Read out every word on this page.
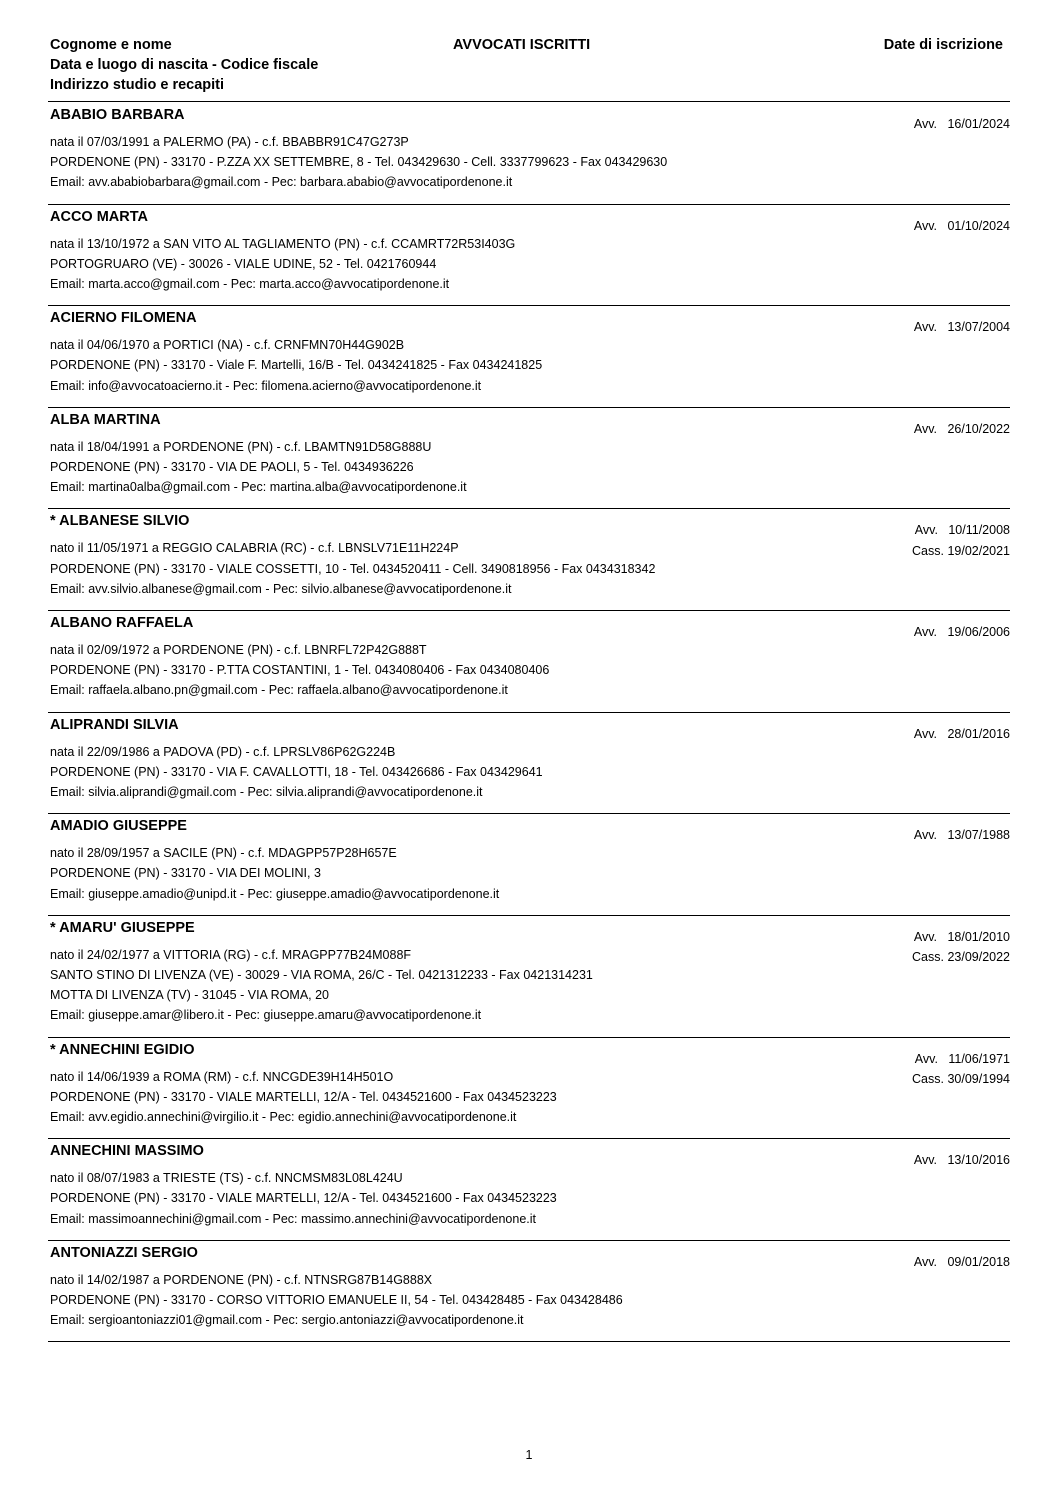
Cognome e nome
Data e luogo di nascita - Codice fiscale
Indirizzo studio e recapiti
AVVOCATI ISCRITTI	Date di iscrizione
ABABIO BARBARA
nata il 07/03/1991 a PALERMO (PA) - c.f. BBABBR91C47G273P
PORDENONE (PN) - 33170 - P.ZZA XX SETTEMBRE, 8 - Tel. 043429630 - Cell. 3337799623 - Fax 043429630
Email: avv.ababiobarbara@gmail.com - Pec: barbara.ababio@avvocatipordenone.it
Avv. 16/01/2024
ACCO MARTA
nata il 13/10/1972 a SAN VITO AL TAGLIAMENTO (PN) - c.f. CCAMRT72R53I403G
PORTOGRUARO (VE) - 30026 - VIALE UDINE, 52 - Tel. 0421760944
Email: marta.acco@gmail.com - Pec: marta.acco@avvocatipordenone.it
Avv. 01/10/2024
ACIERNO FILOMENA
nata il 04/06/1970 a PORTICI (NA) - c.f. CRNFMN70H44G902B
PORDENONE (PN) - 33170 - Viale F. Martelli, 16/B - Tel. 0434241825 - Fax 0434241825
Email: info@avvocatoacierno.it - Pec: filomena.acierno@avvocatipordenone.it
Avv. 13/07/2004
ALBA MARTINA
nata il 18/04/1991 a PORDENONE (PN) - c.f. LBAMTN91D58G888U
PORDENONE (PN) - 33170 - VIA DE PAOLI, 5 - Tel. 0434936226
Email: martina0alba@gmail.com - Pec: martina.alba@avvocatipordenone.it
Avv. 26/10/2022
* ALBANESE SILVIO
nato il 11/05/1971 a REGGIO CALABRIA (RC) - c.f. LBNSLV71E11H224P
PORDENONE (PN) - 33170 - VIALE COSSETTI, 10 - Tel. 0434520411 - Cell. 3490818956 - Fax 0434318342
Email: avv.silvio.albanese@gmail.com - Pec: silvio.albanese@avvocatipordenone.it
Avv. 10/11/2008
Cass. 19/02/2021
ALBANO RAFFAELA
nata il 02/09/1972 a PORDENONE (PN) - c.f. LBNRFL72P42G888T
PORDENONE (PN) - 33170 - P.TTA COSTANTINI, 1 - Tel. 0434080406 - Fax 0434080406
Email: raffaela.albano.pn@gmail.com - Pec: raffaela.albano@avvocatipordenone.it
Avv. 19/06/2006
ALIPRANDI SILVIA
nata il 22/09/1986 a PADOVA (PD) - c.f. LPRSLV86P62G224B
PORDENONE (PN) - 33170 - VIA F. CAVALLOTTI, 18 - Tel. 043426686 - Fax 043429641
Email: silvia.aliprandi@gmail.com - Pec: silvia.aliprandi@avvocatipordenone.it
Avv. 28/01/2016
AMADIO GIUSEPPE
nato il 28/09/1957 a SACILE (PN) - c.f. MDAGPP57P28H657E
PORDENONE (PN) - 33170 - VIA DEI MOLINI, 3
Email: giuseppe.amadio@unipd.it - Pec: giuseppe.amadio@avvocatipordenone.it
Avv. 13/07/1988
* AMARU' GIUSEPPE
nato il 24/02/1977 a VITTORIA (RG) - c.f. MRAGPP77B24M088F
SANTO STINO DI LIVENZA (VE) - 30029 - VIA ROMA, 26/C - Tel. 0421312233 - Fax 0421314231
MOTTA DI LIVENZA (TV) - 31045 - VIA ROMA, 20
Email: giuseppe.amar@libero.it - Pec: giuseppe.amaru@avvocatipordenone.it
Avv. 18/01/2010
Cass. 23/09/2022
* ANNECHINI EGIDIO
nato il 14/06/1939 a ROMA (RM) - c.f. NNCGDE39H14H501O
PORDENONE (PN) - 33170 - VIALE MARTELLI, 12/A - Tel. 0434521600 - Fax 0434523223
Email: avv.egidio.annechini@virgilio.it - Pec: egidio.annechini@avvocatipordenone.it
Avv. 11/06/1971
Cass. 30/09/1994
ANNECHINI MASSIMO
nato il 08/07/1983 a TRIESTE (TS) - c.f. NNCMSM83L08L424U
PORDENONE (PN) - 33170 - VIALE MARTELLI, 12/A - Tel. 0434521600 - Fax 0434523223
Email: massimoannechini@gmail.com - Pec: massimo.annechini@avvocatipordenone.it
Avv. 13/10/2016
ANTONIAZZI SERGIO
nato il 14/02/1987 a PORDENONE (PN) - c.f. NTNSRG87B14G888X
PORDENONE (PN) - 33170 - CORSO VITTORIO EMANUELE II, 54 - Tel. 043428485 - Fax 043428486
Email: sergioantoniazzi01@gmail.com - Pec: sergio.antoniazzi@avvocatipordenone.it
Avv. 09/01/2018
1
